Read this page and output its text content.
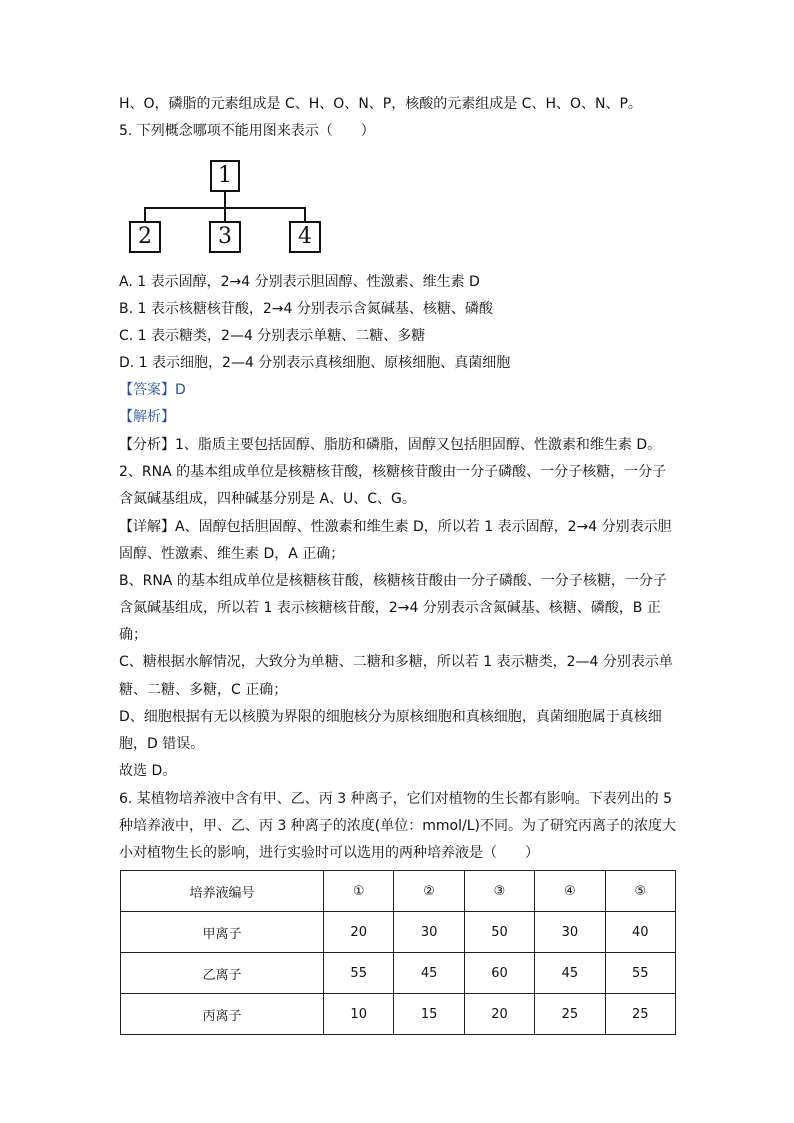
H、O，磷脂的元素组成是 C、H、O、N、P，核酸的元素组成是 C、H、O、N、P。
5. 下列概念哪项不能用图来表示（　　）
1
2	3	4
A. 1 表示固醇，2→4 分别表示胆固醇、性激素、维生素 D
B. 1 表示核糖核苷酸，2→4 分别表示含氮碱基、核糖、磷酸
C. 1 表示糖类，2—4 分别表示单糖、二糖、多糖
D. 1 表示细胞，2—4 分别表示真核细胞、原核细胞、真菌细胞
【答案】D
【解析】
【分析】1、脂质主要包括固醇、脂肪和磷脂，固醇又包括胆固醇、性激素和维生素 D。
2、RNA 的基本组成单位是核糖核苷酸，核糖核苷酸由一分子磷酸、一分子核糖，一分子
含氮碱基组成，四种碱基分别是 A、U、C、G。
【详解】A、固醇包括胆固醇、性激素和维生素 D，所以若 1 表示固醇，2→4 分别表示胆
固醇、性激素、维生素 D，A 正确；
B、RNA 的基本组成单位是核糖核苷酸，核糖核苷酸由一分子磷酸、一分子核糖，一分子
含氮碱基组成，所以若 1 表示核糖核苷酸，2→4 分别表示含氮碱基、核糖、磷酸，B 正
确；
C、糖根据水解情况，大致分为单糖、二糖和多糖，所以若 1 表示糖类，2—4 分别表示单
糖、二糖、多糖，C 正确；
D、细胞根据有无以核膜为界限的细胞核分为原核细胞和真核细胞，真菌细胞属于真核细
胞，D 错误。
故选 D。
6. 某植物培养液中含有甲、乙、丙 3 种离子，它们对植物的生长都有影响。下表列出的 5
种培养液中，甲、乙、丙 3 种离子的浓度(单位：mmol/L)不同。为了研究丙离子的浓度大
小对植物生长的影响，进行实验时可以选用的两种培养液是（　　）
培养液编号	①	②	③	④	⑤
甲离子	20	30	50	30	40
乙离子	55	45	60	45	55
丙离子	10	15	20	25	25
